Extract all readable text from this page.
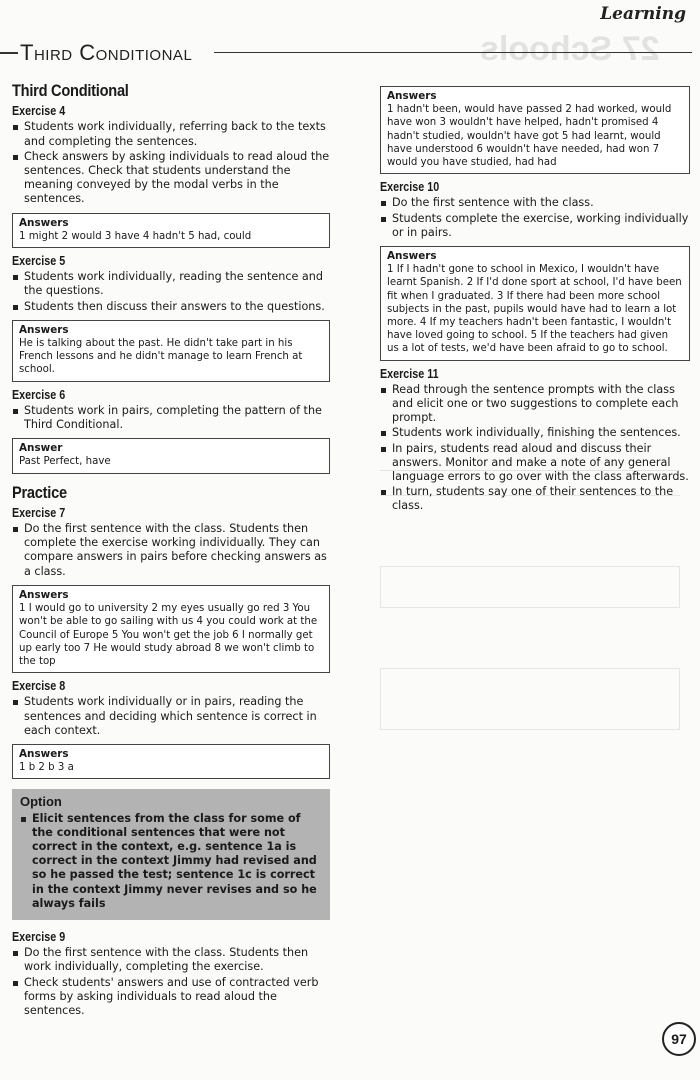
27 Schools
Learning
Third Conditional
Third Conditional
Exercise 4
Students work individually, referring back to the texts and completing the sentences.
Check answers by asking individuals to read aloud the sentences. Check that students understand the meaning conveyed by the modal verbs in the sentences.
Answers
1 might 2 would 3 have 4 hadn't 5 had, could
Exercise 5
Students work individually, reading the sentence and the questions.
Students then discuss their answers to the questions.
Answers
He is talking about the past. He didn't take part in his French lessons and he didn't manage to learn French at school.
Exercise 6
Students work in pairs, completing the pattern of the Third Conditional.
Answer
Past Perfect, have
Practice
Exercise 7
Do the first sentence with the class. Students then complete the exercise working individually. They can compare answers in pairs before checking answers as a class.
Answers
1 I would go to university 2 my eyes usually go red 3 You won't be able to go sailing with us 4 you could work at the Council of Europe 5 You won't get the job 6 I normally get up early too 7 He would study abroad 8 we won't climb to the top
Exercise 8
Students work individually or in pairs, reading the sentences and deciding which sentence is correct in each context.
Answers
1 b 2 b 3 a
Option
Elicit sentences from the class for some of the conditional sentences that were not correct in the context, e.g. sentence 1a is correct in the context Jimmy had revised and so he passed the test; sentence 1c is correct in the context Jimmy never revises and so he always fails
Exercise 9
Do the first sentence with the class. Students then work individually, completing the exercise.
Check students' answers and use of contracted verb forms by asking individuals to read aloud the sentences.
Answers
1 hadn't been, would have passed 2 had worked, would have won 3 wouldn't have helped, hadn't promised 4 hadn't studied, wouldn't have got 5 had learnt, would have understood 6 wouldn't have needed, had won 7 would you have studied, had had
Exercise 10
Do the first sentence with the class.
Students complete the exercise, working individually or in pairs.
Answers
1 If I hadn't gone to school in Mexico, I wouldn't have learnt Spanish. 2 If I'd done sport at school, I'd have been fit when I graduated. 3 If there had been more school subjects in the past, pupils would have had to learn a lot more. 4 If my teachers hadn't been fantastic, I wouldn't have loved going to school. 5 If the teachers had given us a lot of tests, we'd have been afraid to go to school.
Exercise 11
Read through the sentence prompts with the class and elicit one or two suggestions to complete each prompt.
Students work individually, finishing the sentences.
In pairs, students read aloud and discuss their answers. Monitor and make a note of any general language errors to go over with the class afterwards.
In turn, students say one of their sentences to the class.
97
